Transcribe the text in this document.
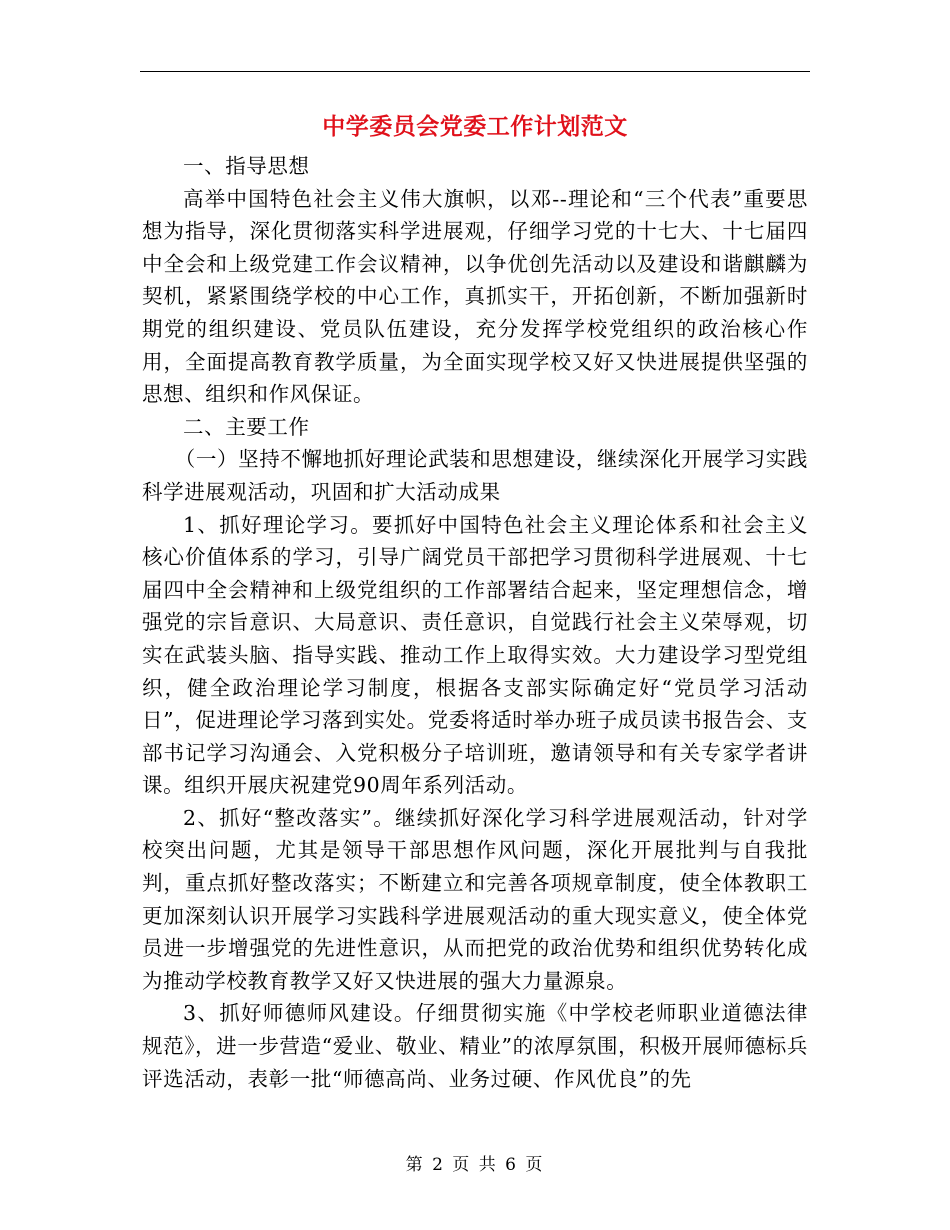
中学委员会党委工作计划范文

一、指导思想

高举中国特色社会主义伟大旗帜，以邓--理论和“三个代表”重要思想为指导，深化贯彻落实科学进展观，仔细学习党的十七大、十七届四中全会和上级党建工作会议精神，以争优创先活动以及建设和谐麒麟为契机，紧紧围绕学校的中心工作，真抓实干，开拓创新，不断加强新时期党的组织建设、党员队伍建设，充分发挥学校党组织的政治核心作用，全面提高教育教学质量，为全面实现学校又好又快进展提供坚强的思想、组织和作风保证。

二、主要工作

（一）坚持不懈地抓好理论武装和思想建设，继续深化开展学习实践科学进展观活动，巩固和扩大活动成果

1、抓好理论学习。要抓好中国特色社会主义理论体系和社会主义核心价值体系的学习，引导广阔党员干部把学习贯彻科学进展观、十七届四中全会精神和上级党组织的工作部署结合起来，坚定理想信念，增强党的宗旨意识、大局意识、责任意识，自觉践行社会主义荣辱观，切实在武装头脑、指导实践、推动工作上取得实效。大力建设学习型党组织，健全政治理论学习制度，根据各支部实际确定好“党员学习活动日”，促进理论学习落到实处。党委将适时举办班子成员读书报告会、支部书记学习沟通会、入党积极分子培训班，邀请领导和有关专家学者讲课。组织开展庆祝建党90周年系列活动。

2、抓好“整改落实”。继续抓好深化学习科学进展观活动，针对学校突出问题，尤其是领导干部思想作风问题，深化开展批判与自我批判，重点抓好整改落实；不断建立和完善各项规章制度，使全体教职工更加深刻认识开展学习实践科学进展观活动的重大现实意义，使全体党员进一步增强党的先进性意识，从而把党的政治优势和组织优势转化成为推动学校教育教学又好又快进展的强大力量源泉。

3、抓好师德师风建设。仔细贯彻实施《中学校老师职业道德法律规范》，进一步营造“爱业、敬业、精业”的浓厚氛围，积极开展师德标兵评选活动，表彰一批“师德高尚、业务过硬、作风优良”的先

第 2 页 共 6 页
